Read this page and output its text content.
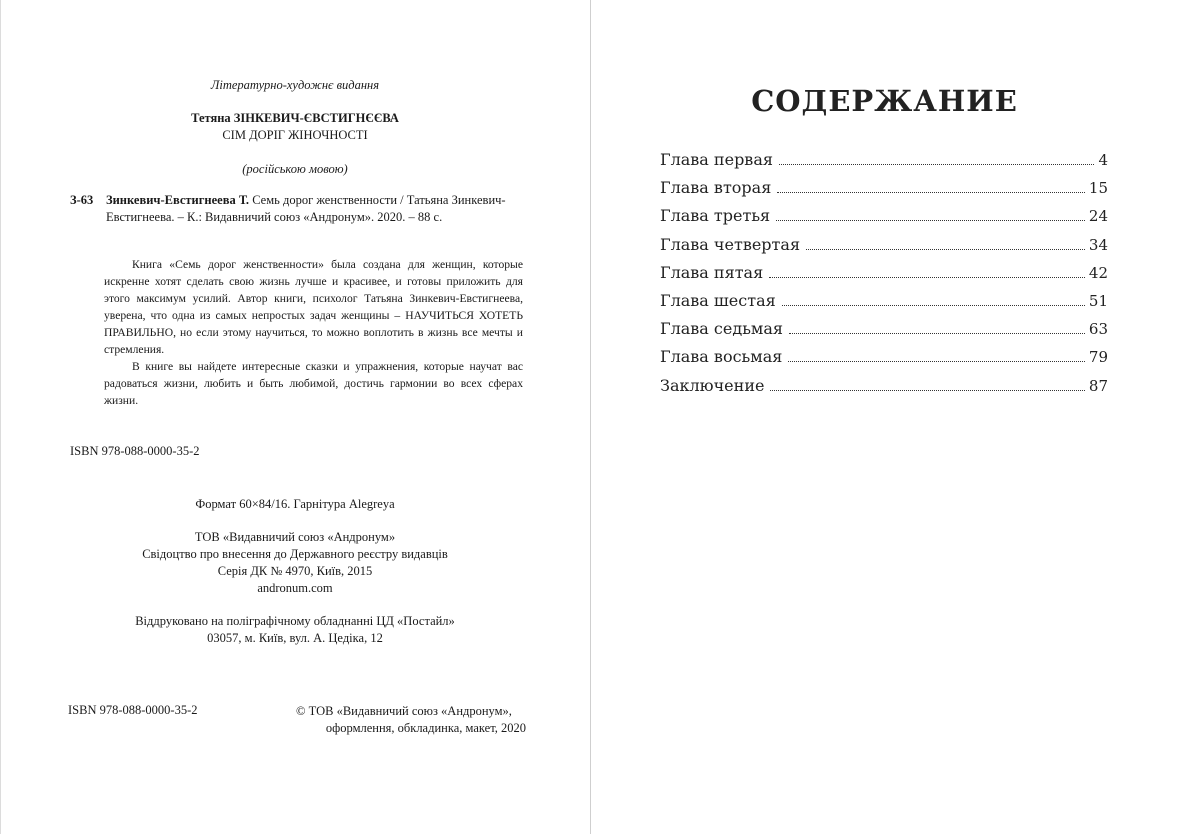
Літературно-художнє видання
Тетяна ЗІНКЕВИЧ-ЄВСТИГНЄЄВА
СІМ ДОРІГ ЖІНОЧНОСТІ
(російською мовою)
З-63 Зинкевич-Евстигнеева Т. Семь дорог женственности / Татьяна Зинкевич-Евстигнеева. – К.: Видавничий союз «Андронум». 2020. – 88 с.

Книга «Семь дорог женственности» была создана для женщин, которые искренне хотят сделать свою жизнь лучше и красивее, и готовы приложить для этого максимум усилий. Автор книги, психолог Татьяна Зинкевич-Евстигнеева, уверена, что одна из самых непростых задач женщины – НАУЧИТЬСЯ ХОТЕТЬ ПРАВИЛЬНО, но если этому научиться, то можно воплотить в жизнь все мечты и стремления.

В книге вы найдете интересные сказки и упражнения, которые научат вас радоваться жизни, любить и быть любимой, достичь гармонии во всех сферах жизни.

ISBN 978-088-0000-35-2
Формат 60×84/16. Гарнітура Alegreya
ТОВ «Видавничий союз «Андронум»
Свідоцтво про внесення до Державного реєстру видавців
Серія ДК № 4970, Київ, 2015
andronum.com
Віддруковано на поліграфічному обладнанні ЦД «Постайл»
03057, м. Київ, вул. А. Цедіка, 12
ISBN 978-088-0000-35-2	© ТОВ «Видавничий союз «Андронум»,
оформлення, обкладинка, макет, 2020
СОДЕРЖАНИЕ
Глава первая	4
Глава вторая	15
Глава третья	24
Глава четвертая	34
Глава пятая	42
Глава шестая	51
Глава седьмая	63
Глава восьмая	79
Заключение	87
